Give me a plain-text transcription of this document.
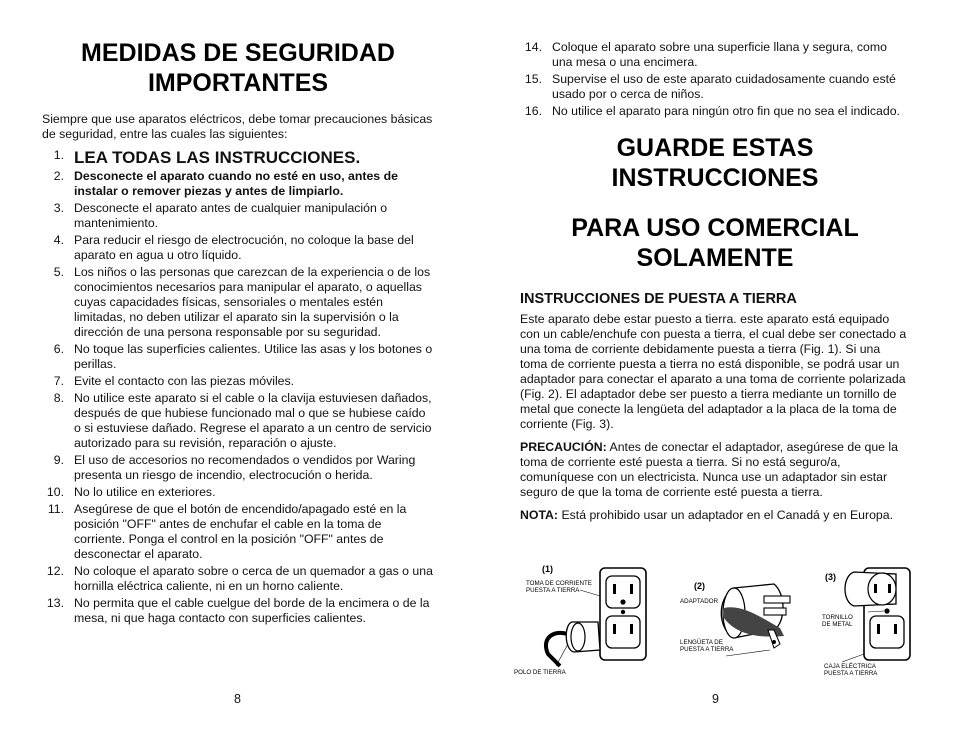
MEDIDAS DE SEGURIDAD
IMPORTANTES

Siempre que use aparatos eléctricos, debe tomar precauciones básicas de seguridad, entre las cuales las siguientes:

1. LEA TODAS LAS INSTRUCCIONES.
2. Desconecte el aparato cuando no esté en uso, antes de instalar o remover piezas y antes de limpiarlo.
3. Desconecte el aparato antes de cualquier manipulación o mantenimiento.
4. Para reducir el riesgo de electrocución, no coloque la base del aparato en agua u otro líquido.
5. Los niños o las personas que carezcan de la experiencia o de los conocimientos necesarios para manipular el aparato, o aquellas cuyas capacidades físicas, sensoriales o mentales estén limitadas, no deben utilizar el aparato sin la supervisión o la dirección de una persona responsable por su seguridad.
6. No toque las superficies calientes. Utilice las asas y los botones o perillas.
7. Evite el contacto con las piezas móviles.
8. No utilice este aparato si el cable o la clavija estuviesen dañados, después de que hubiese funcionado mal o que se hubiese caído o si estuviese dañado. Regrese el aparato a un centro de servicio autorizado para su revisión, reparación o ajuste.
9. El uso de accesorios no recomendados o vendidos por Waring presenta un riesgo de incendio, electrocución o herida.
10. No lo utilice en exteriores.
11. Asegúrese de que el botón de encendido/apagado esté en la posición "OFF" antes de enchufar el cable en la toma de corriente. Ponga el control en la posición "OFF" antes de desconectar el aparato.
12. No coloque el aparato sobre o cerca de un quemador a gas o una hornilla eléctrica caliente, ni en un horno caliente.
13. No permita que el cable cuelgue del borde de la encimera o de la mesa, ni que haga contacto con superficies calientes.
8
14. Coloque el aparato sobre una superficie llana y segura, como una mesa o una encimera.
15. Supervise el uso de este aparato cuidadosamente cuando esté usado por o cerca de niños.
16. No utilice el aparato para ningún otro fin que no sea el indicado.
GUARDE ESTAS
INSTRUCCIONES
PARA USO COMERCIAL
SOLAMENTE

INSTRUCCIONES DE PUESTA A TIERRA

Este aparato debe estar puesto a tierra. este aparato está equipado con un cable/enchufe con puesta a tierra, el cual debe ser conectado a una toma de corriente debidamente puesta a tierra (Fig. 1). Si una toma de corriente puesta a tierra no está disponible, se podrá usar un adaptador para conectar el aparato a una toma de corriente polarizada (Fig. 2). El adaptador debe ser puesto a tierra mediante un tornillo de metal que conecte la lengüeta del adaptador a la placa de la toma de corriente (Fig. 3).

PRECAUCIÓN: Antes de conectar el adaptador, asegúrese de que la toma de corriente esté puesta a tierra. Si no está seguro/a, comuníquese con un electricista. Nunca use un adaptador sin estar seguro de que la toma de corriente esté puesta a tierra.

NOTA: Está prohibido usar un adaptador en el Canadá y en Europa.

(1)
TOMA DE CORRIENTE
PUESTA A TIERRA
POLO DE TIERRA
(2)
ADAPTADOR
LENGÜETA DE
PUESTA A TIERRA
(3)
TORNILLO
DE METAL
CAJA ELÉCTRICA
PUESTA A TIERRA
9
